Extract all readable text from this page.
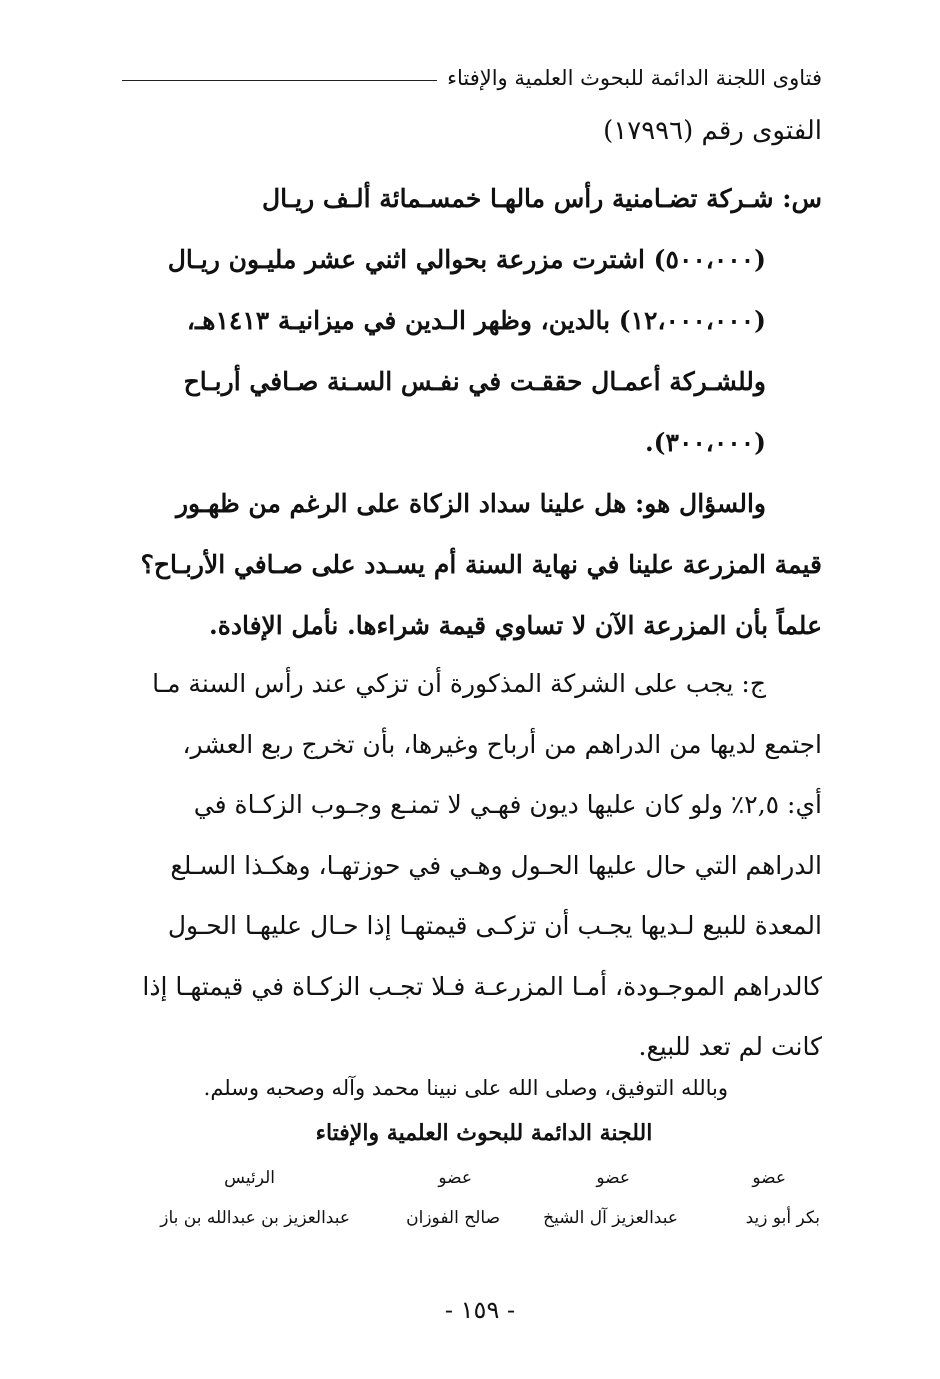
فتاوى اللجنة الدائمة للبحوث العلمية والإفتاء
الفتوى رقم (١٧٩٩٦)

س: شـركة تضـامنية رأس مالهـا خمسـمائة ألـف ريـال

(٥٠٠،٠٠٠) اشترت مزرعة بحوالي اثني عشر مليـون ريـال

(١٢،٠٠٠،٠٠٠) بالدين، وظهر الـدين في ميزانيـة ١٤١٣هـ،

وللشـركة أعمـال حققـت في نفـس السـنة صـافي أربـاح

(٣٠٠،٠٠٠).

والسؤال هو: هل علينا سداد الزكاة على الرغم من ظهـور

قيمة المزرعة علينا في نهاية السنة أم يسـدد على صـافي الأربـاح؟

علماً بأن المزرعة الآن لا تساوي قيمة شراءها. نأمل الإفادة.

ج: يجب على الشركة المذكورة أن تزكي عند رأس السنة مـا

اجتمع لديها من الدراهم من أرباح وغيرها، بأن تخرج ربع العشر،

أي: ٢,٥٪ ولو كان عليها ديون فهـي لا تمنـع وجـوب الزكـاة في

الدراهم التي حال عليها الحـول وهـي في حوزتهـا، وهكـذا السـلع

المعدة للبيع لـديها يجـب أن تزكـى قيمتهـا إذا حـال عليهـا الحـول

كالدراهم الموجـودة، أمـا المزرعـة فـلا تجـب الزكـاة في قيمتهـا إذا

كانت لم تعد للبيع.

وبالله التوفيق، وصلى الله على نبينا محمد وآله وصحبه وسلم.
اللجنة الدائمة للبحوث العلمية والإفتاء
عضو
عضو
عضو
الرئيس
بكر أبو زيد
عبدالعزيز آل الشيخ
صالح الفوزان
عبدالعزيز بن عبدالله بن باز
- ١٥٩ -
